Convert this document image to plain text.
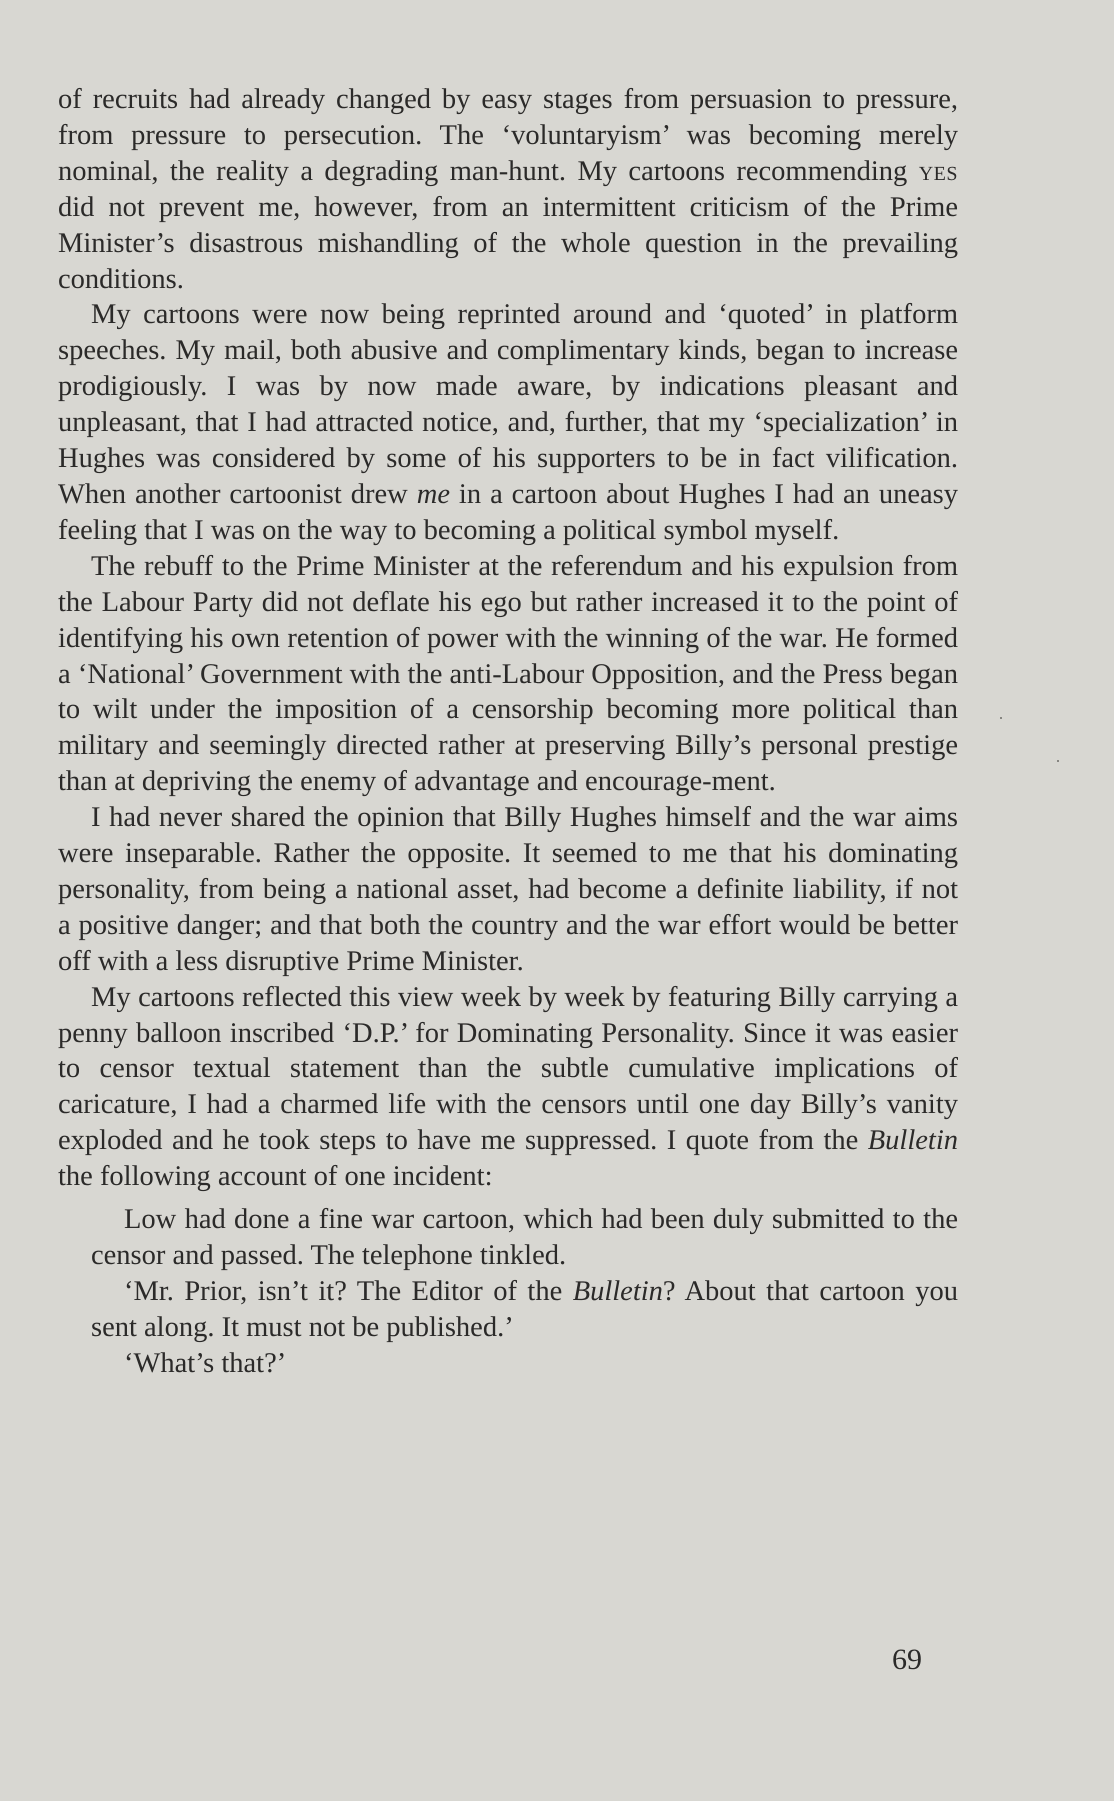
of recruits had already changed by easy stages from persuasion to pressure, from pressure to persecution. The ‘voluntaryism’ was becoming merely nominal, the reality a degrading man-hunt. My cartoons recommending yes did not prevent me, however, from an intermittent criticism of the Prime Minister’s disastrous mishandling of the whole question in the prevailing conditions.

My cartoons were now being reprinted around and ‘quoted’ in platform speeches. My mail, both abusive and complimentary kinds, began to increase prodigiously. I was by now made aware, by indications pleasant and unpleasant, that I had attracted notice, and, further, that my ‘specialization’ in Hughes was considered by some of his supporters to be in fact vilification. When another cartoonist drew me in a cartoon about Hughes I had an uneasy feeling that I was on the way to becoming a political symbol myself.

The rebuff to the Prime Minister at the referendum and his expulsion from the Labour Party did not deflate his ego but rather increased it to the point of identifying his own retention of power with the winning of the war. He formed a ‘National’ Government with the anti-Labour Opposition, and the Press began to wilt under the imposition of a censorship becoming more political than military and seemingly directed rather at preserving Billy’s personal prestige than at depriving the enemy of advantage and encourage-ment.

I had never shared the opinion that Billy Hughes himself and the war aims were inseparable. Rather the opposite. It seemed to me that his dominating personality, from being a national asset, had become a definite liability, if not a positive danger; and that both the country and the war effort would be better off with a less disruptive Prime Minister.

My cartoons reflected this view week by week by featuring Billy carrying a penny balloon inscribed ‘D.P.’ for Dominating Personality. Since it was easier to censor textual statement than the subtle cumulative implications of caricature, I had a charmed life with the censors until one day Billy’s vanity exploded and he took steps to have me suppressed. I quote from the Bulletin the following account of one incident:

Low had done a fine war cartoon, which had been duly submitted to the censor and passed. The telephone tinkled.

‘Mr. Prior, isn’t it? The Editor of the Bulletin? About that cartoon you sent along. It must not be published.’

‘What’s that?’

69
